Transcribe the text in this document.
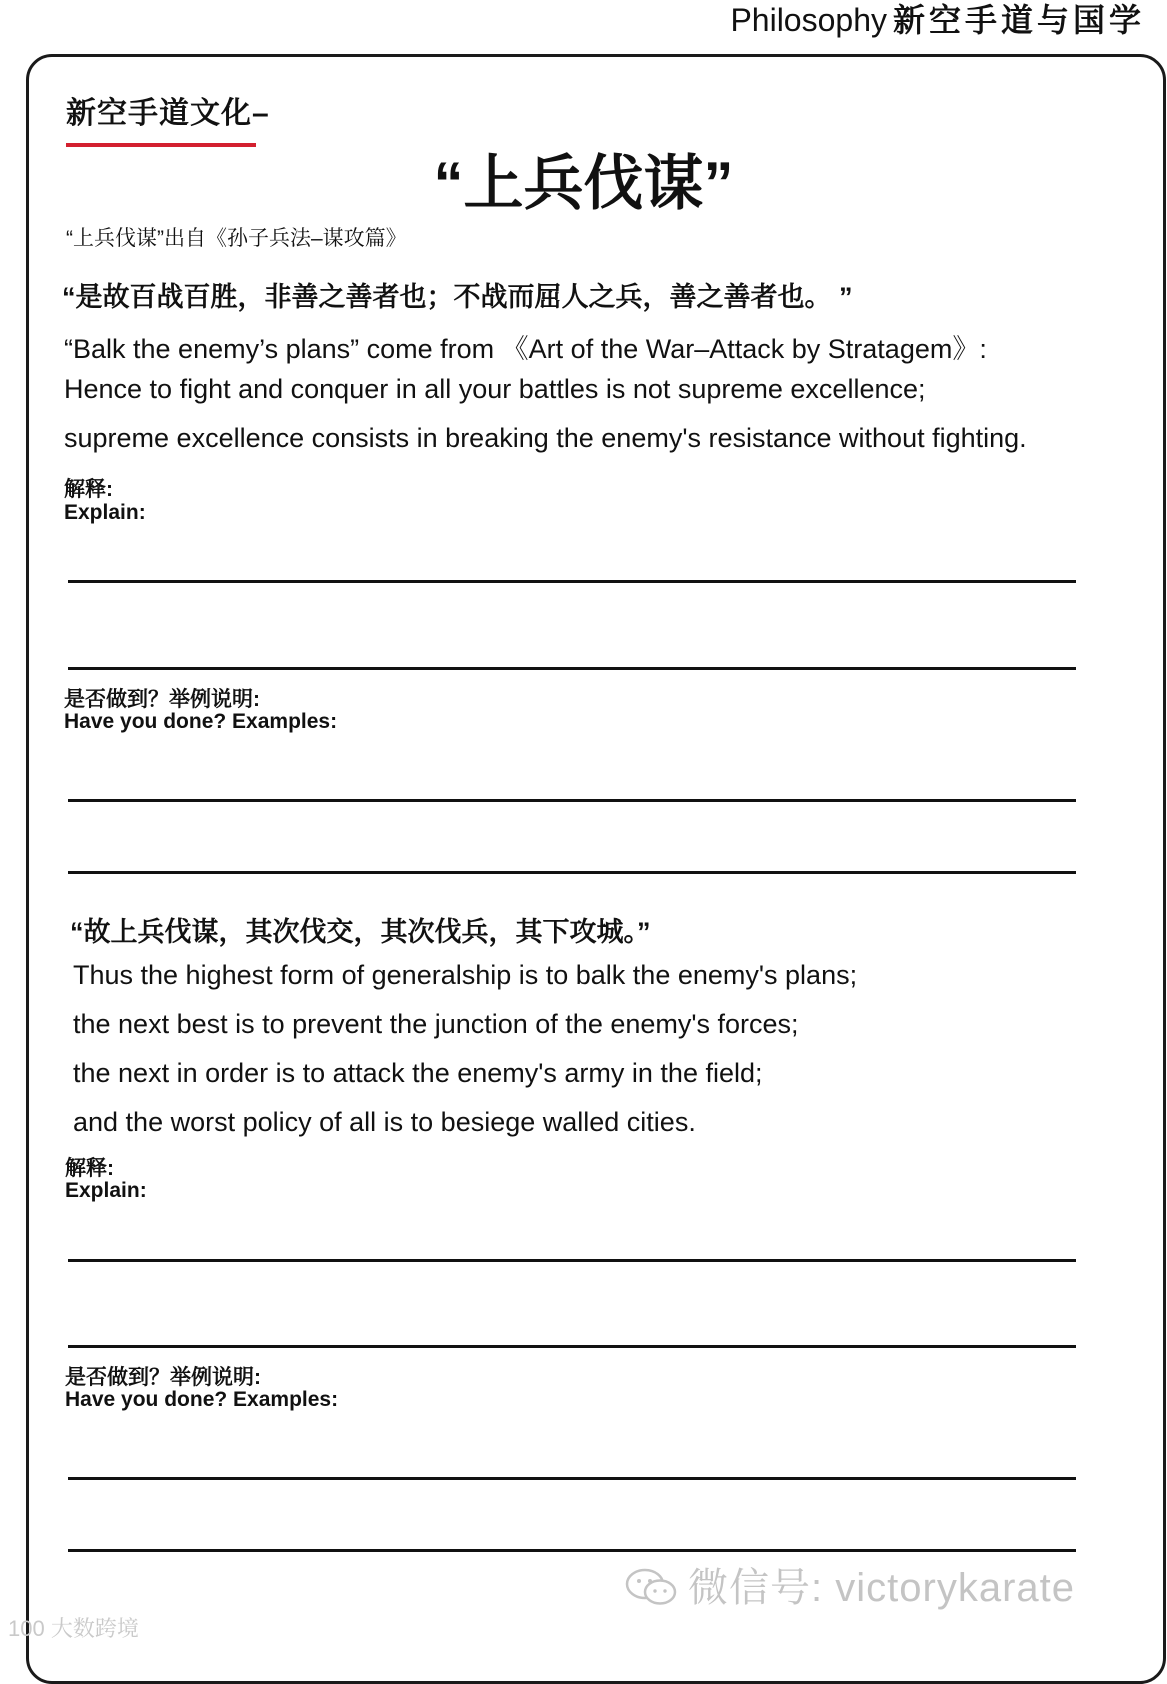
Philosophy 新空手道与国学
新空手道文化–
“上兵伐谋”
“上兵伐谋”出自《孙子兵法–谋攻篇》
“是故百战百胜，非善之善者也；不战而屈人之兵，善之善者也。 ”
“Balk the enemy’s plans” come from 《Art of the War–Attack by Stratagem》:
Hence to fight and conquer in all your battles is not supreme excellence;
supreme excellence consists in breaking the enemy's resistance without fighting.
解释:
Explain:
是否做到？举例说明:
Have you done? Examples:
“故上兵伐谋，其次伐交，其次伐兵，其下攻城。”
Thus the highest form of generalship is to balk the enemy's plans;
the next best is to prevent the junction of the enemy's forces;
the next in order is to attack the enemy's army in the field;
and the worst policy of all is to besiege walled cities.
解释:
Explain:
是否做到？举例说明:
Have you done? Examples:
微信号: victorykarate
100 大数跨境
